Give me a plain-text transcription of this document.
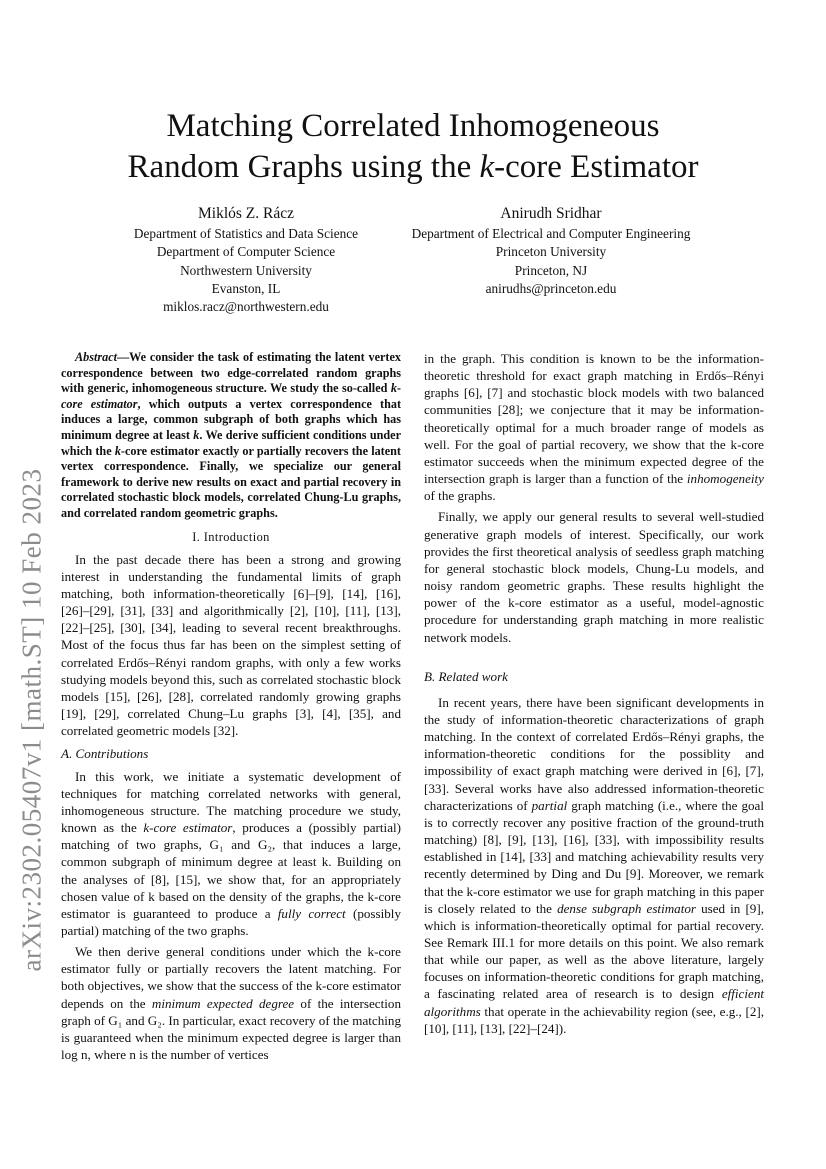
arXiv:2302.05407v1 [math.ST] 10 Feb 2023
Matching Correlated Inhomogeneous
Random Graphs using the k-core Estimator
Miklós Z. Rácz
Department of Statistics and Data Science
Department of Computer Science
Northwestern University
Evanston, IL
miklos.racz@northwestern.edu
Anirudh Sridhar
Department of Electrical and Computer Engineering
Princeton University
Princeton, NJ
anirudhs@princeton.edu

Abstract—We consider the task of estimating the latent vertex correspondence between two edge-correlated random graphs with generic, inhomogeneous structure. We study the so-called k-core estimator, which outputs a vertex correspondence that induces a large, common subgraph of both graphs which has minimum degree at least k. We derive sufficient conditions under which the k-core estimator exactly or partially recovers the latent vertex correspondence. Finally, we specialize our general framework to derive new results on exact and partial recovery in correlated stochastic block models, correlated Chung-Lu graphs, and correlated random geometric graphs.

I. Introduction

In the past decade there has been a strong and growing interest in understanding the fundamental limits of graph matching, both information-theoretically [6]–[9], [14], [16], [26]–[29], [31], [33] and algorithmically [2], [10], [11], [13], [22]–[25], [30], [34], leading to several recent breakthroughs. Most of the focus thus far has been on the simplest setting of correlated Erdős–Rényi random graphs, with only a few works studying models beyond this, such as correlated stochastic block models [15], [26], [28], correlated randomly growing graphs [19], [29], correlated Chung–Lu graphs [3], [4], [35], and correlated geometric models [32].

A. Contributions

In this work, we initiate a systematic development of techniques for matching correlated networks with general, inhomogeneous structure. The matching procedure we study, known as the k-core estimator, produces a (possibly partial) matching of two graphs, G₁ and G₂, that induces a large, common subgraph of minimum degree at least k. Building on the analyses of [8], [15], we show that, for an appropriately chosen value of k based on the density of the graphs, the k-core estimator is guaranteed to produce a fully correct (possibly partial) matching of the two graphs.

We then derive general conditions under which the k-core estimator fully or partially recovers the latent matching. For both objectives, we show that the success of the k-core estimator depends on the minimum expected degree of the intersection graph of G₁ and G₂. In particular, exact recovery of the matching is guaranteed when the minimum expected degree is larger than log n, where n is the number of vertices

in the graph. This condition is known to be the information-theoretic threshold for exact graph matching in Erdős–Rényi graphs [6], [7] and stochastic block models with two balanced communities [28]; we conjecture that it may be information-theoretically optimal for a much broader range of models as well. For the goal of partial recovery, we show that the k-core estimator succeeds when the minimum expected degree of the intersection graph is larger than a function of the inhomogeneity of the graphs.

Finally, we apply our general results to several well-studied generative graph models of interest. Specifically, our work provides the first theoretical analysis of seedless graph matching for general stochastic block models, Chung-Lu models, and noisy random geometric graphs. These results highlight the power of the k-core estimator as a useful, model-agnostic procedure for understanding graph matching in more realistic network models.

B. Related work

In recent years, there have been significant developments in the study of information-theoretic characterizations of graph matching. In the context of correlated Erdős–Rényi graphs, the information-theoretic conditions for the possiblity and impossibility of exact graph matching were derived in [6], [7], [33]. Several works have also addressed information-theoretic characterizations of partial graph matching (i.e., where the goal is to correctly recover any positive fraction of the ground-truth matching) [8], [9], [13], [16], [33], with impossibility results established in [14], [33] and matching achievability results very recently determined by Ding and Du [9]. Moreover, we remark that the k-core estimator we use for graph matching in this paper is closely related to the dense subgraph estimator used in [9], which is information-theoretically optimal for partial recovery. See Remark III.1 for more details on this point. We also remark that while our paper, as well as the above literature, largely focuses on information-theoretic conditions for graph matching, a fascinating related area of research is to design efficient algorithms that operate in the achievability region (see, e.g., [2], [10], [11], [13], [22]–[24]).
